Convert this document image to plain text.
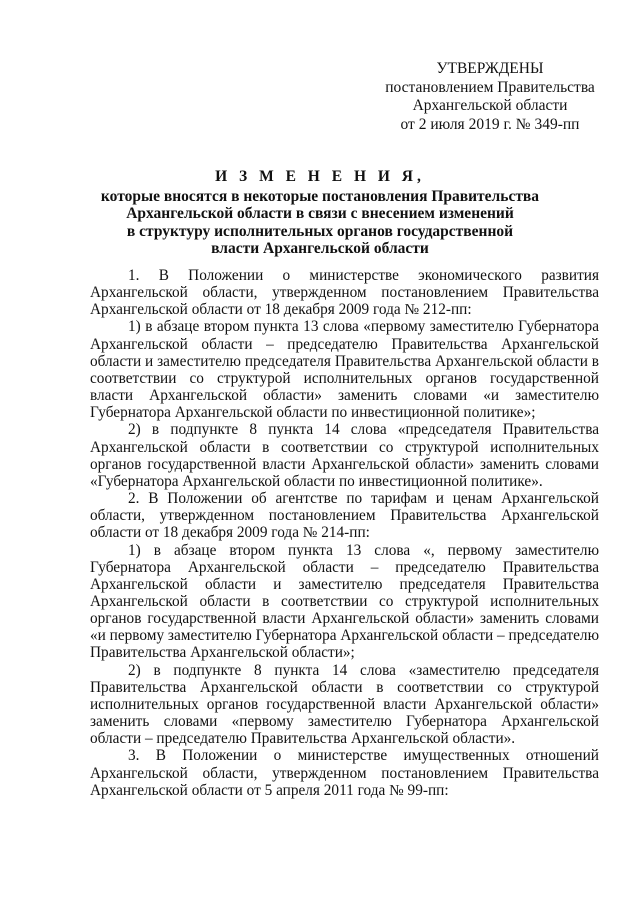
УТВЕРЖДЕНЫ
постановлением Правительства
Архангельской области
от 2 июля 2019 г. № 349-пп
И З М Е Н Е Н И Я,
которые вносятся в некоторые постановления Правительства
Архангельской области в связи с внесением изменений
в структуру исполнительных органов государственной
власти Архангельской области

1. В Положении о министерстве экономического развития Архангельской области, утвержденном постановлением Правительства Архангельской области от 18 декабря 2009 года № 212-пп:

1) в абзаце втором пункта 13 слова «первому заместителю Губернатора Архангельской области – председателю Правительства Архангельской области и заместителю председателя Правительства Архангельской области в соответствии со структурой исполнительных органов государственной власти Архангельской области» заменить словами «и заместителю Губернатора Архангельской области по инвестиционной политике»;

2) в подпункте 8 пункта 14 слова «председателя Правительства Архангельской области в соответствии со структурой исполнительных органов государственной власти Архангельской области» заменить словами «Губернатора Архангельской области по инвестиционной политике».

2. В Положении об агентстве по тарифам и ценам Архангельской области, утвержденном постановлением Правительства Архангельской области от 18 декабря 2009 года № 214-пп:

1) в абзаце втором пункта 13 слова «, первому заместителю Губернатора Архангельской области – председателю Правительства Архангельской области и заместителю председателя Правительства Архангельской области в соответствии со структурой исполнительных органов государственной власти Архангельской области» заменить словами «и первому заместителю Губернатора Архангельской области – председателю Правительства Архангельской области»;

2) в подпункте 8 пункта 14 слова «заместителю председателя Правительства Архангельской области в соответствии со структурой исполнительных органов государственной власти Архангельской области» заменить словами «первому заместителю Губернатора Архангельской области – председателю Правительства Архангельской области».

3. В Положении о министерстве имущественных отношений Архангельской области, утвержденном постановлением Правительства Архангельской области от 5 апреля 2011 года № 99-пп:
